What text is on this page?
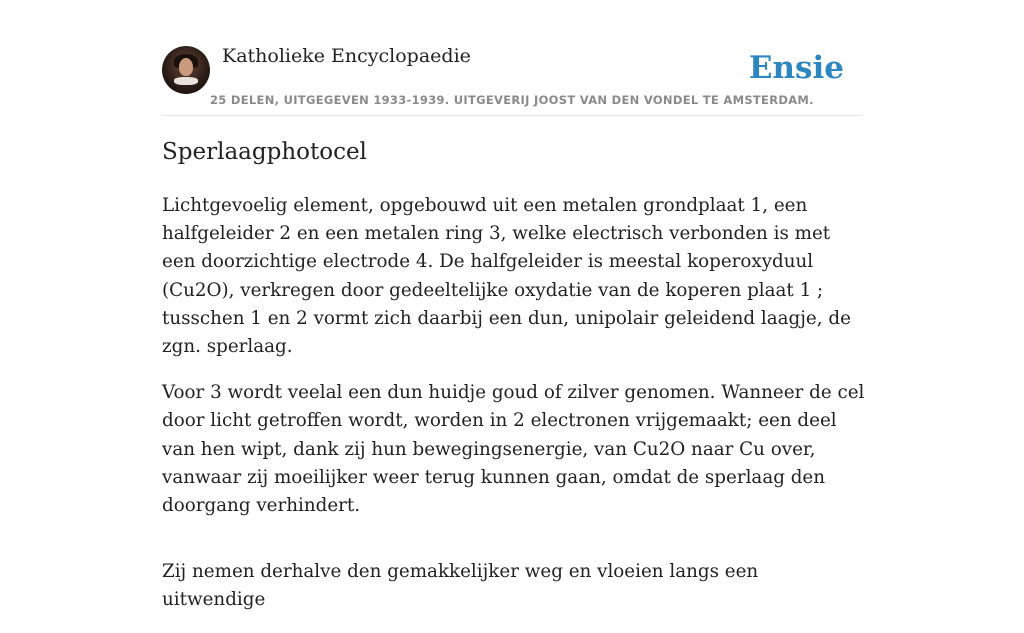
Katholieke Encyclopaedie
25 DELEN, UITGEGEVEN 1933-1939. UITGEVERIJ JOOST VAN DEN VONDEL TE AMSTERDAM.
Ensie
Sperlaagphotocel

Lichtgevoelig element, opgebouwd uit een metalen grondplaat 1, een halfgeleider 2 en een metalen ring 3, welke electrisch verbonden is met een doorzichtige electrode 4. De halfgeleider is meestal koperoxyduul (Cu2O), verkregen door gedeeltelijke oxydatie van de koperen plaat 1 ; tusschen 1 en 2 vormt zich daarbij een dun, unipolair geleidend laagje, de zgn. sperlaag.

Voor 3 wordt veelal een dun huidje goud of zilver genomen. Wanneer de cel door licht getroffen wordt, worden in 2 electronen vrijgemaakt; een deel van hen wipt, dank zij hun bewegingsenergie, van Cu2O naar Cu over, vanwaar zij moeilijker weer terug kunnen gaan, omdat de sperlaag den doorgang verhindert.

Zij nemen derhalve den gemakkelijker weg en vloeien langs een uitwendige
